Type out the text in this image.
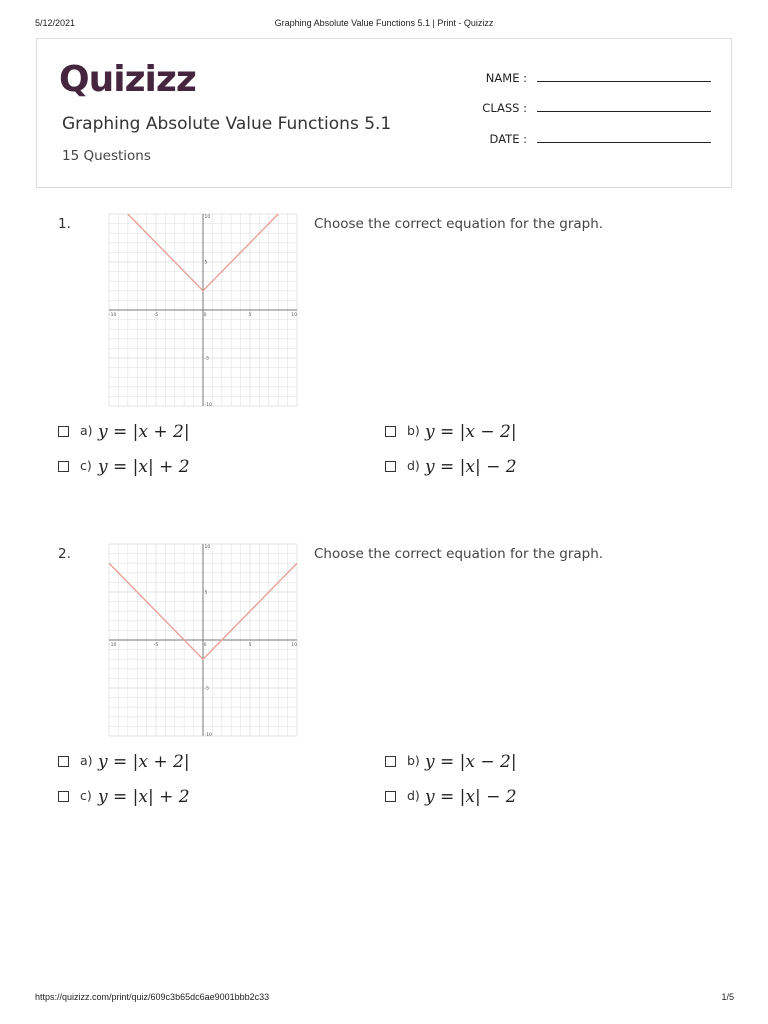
5/12/2021	Graphing Absolute Value Functions 5.1 | Print - Quizizz
Quizizz
Graphing Absolute Value Functions 5.1
15 Questions
NAME :
CLASS :
DATE :
1.
-10	-5	0	5	10
10
5
-5
-10
Choose the correct equation for the graph.
a) y = |x + 2|	b) y = |x − 2|
c) y = |x| + 2	d) y = |x| − 2
2.
-10	-5	0	5	10
10
5
-5
-10
Choose the correct equation for the graph.
a) y = |x + 2|	b) y = |x − 2|
c) y = |x| + 2	d) y = |x| − 2
https://quizizz.com/print/quiz/609c3b65dc6ae9001bbb2c33	1/5
